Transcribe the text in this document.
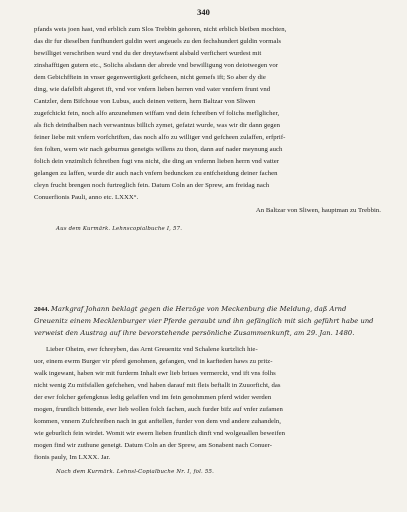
340
pfands weis joen hast, vnd erblich zum Slos Trebbin gehoren, nicht erblich bleiben mochten,
das dir fur dieselben funfhundert guldin wert angeuels zu den fechshundert guldin vormals
bewilliget verschriben wurd vnd du der dreytawfsent alsbald verfichert wurdest mit
zinshafftigen gutern etc., Solichs alsdann der abrede vnd bewilligung von deiotwegen vor
dem Gebichfftein in vnser gegenwertigkeit gefcheen, nicht gemefs ift; So aber dy die
ding, wie dafelbft abgeret ift, vnd vor vnfern lieben herren vnd vater vnnfern frunt vnd
Cantzler, dem Bifchoue von Lubus, auch deinen vettern, hern Baltzar von Sliwen
zugefchickt fein, noch alfo anzunehmen wiffam vnd dein fchreiben vf folichs meflglicher,
als fich deinthalben nach verwantnus billich zymet, gefatzt wurde, was wir dir dann gegen
feiner liebe mit vnfern vorfchriften, das noch alfo zu williger vnd gefcheen zulaffen, erfprif-
fen folten, wern wir nach geburnus geneigts willens zu thon, dann auf nader meynung auch
folich dein vnzimlich fchreiben fugt vns nicht, die ding an vnfernn lieben herrn vnd vatter
gelangen zu laffen, wurde dir auch nach vnfern beduncken zu entfcheidung deiner fachen
cleyn frucht brengen noch furtreglich fein. Datum Coln an der Sprew, am freidag nach
Conuerfionis Pauli, anno etc. LXXX°.
An Baltzar von Sliwen, hauptman zu Trebbin.
Aus dem Kurmärk. Lehnscopialbuche I, 57.
2044. Markgraf Johann beklagt gegen die Herzöge von Meckenburg die Meldung, daß Arnd
Greuenitz einem Mecklenburger vier Pferde geraubt und ihn gefänglich mit sich geführt habe und
verweist den Austrag auf ihre bevorstehende persönliche Zusammenkunft, am 29. Jan. 1480.
Lieber Oheim, ewr fchreyben, das Arnt Greuenitz vnd Schalene kurtzlich hie-
uor, einem ewrm Burger vir pferd genohmen, gefangen, vnd in karfteden haws zu pritz-
walk ingewant, haben wir mit furderm Inhalt ewr lieb briues vermerckt, vnd ift vns folhs
nicht wenig Zu mifsfallen gefchehen, vnd haben darauf mit fleis beftallt in Zuuorficht, das
der ewr folcher gefengknus ledig gelaffen vnd im fein genohmmen pferd wider werden
mogen, fruntlich bittende, ewr lieb wollen folch fachen, auch furder bifz auf vnfer zufamen
kommen, vnnern Zufchreiben nach in gut anftellen, furder von dem vnd andere zuhandeln,
wie geburlich fein wirdet. Womit wir ewern lieben fruntlich dinft vnd wolgeuallen beweifen
mogen find wir zuthune geneigt. Datum Coln an der Sprew, am Sonabent nach Conuer-
fionis pauly, Im LXXX. Jar.
Nach dem Kurmärk. Lehnsl-Copialbuche Nr. I, fol. 55.
